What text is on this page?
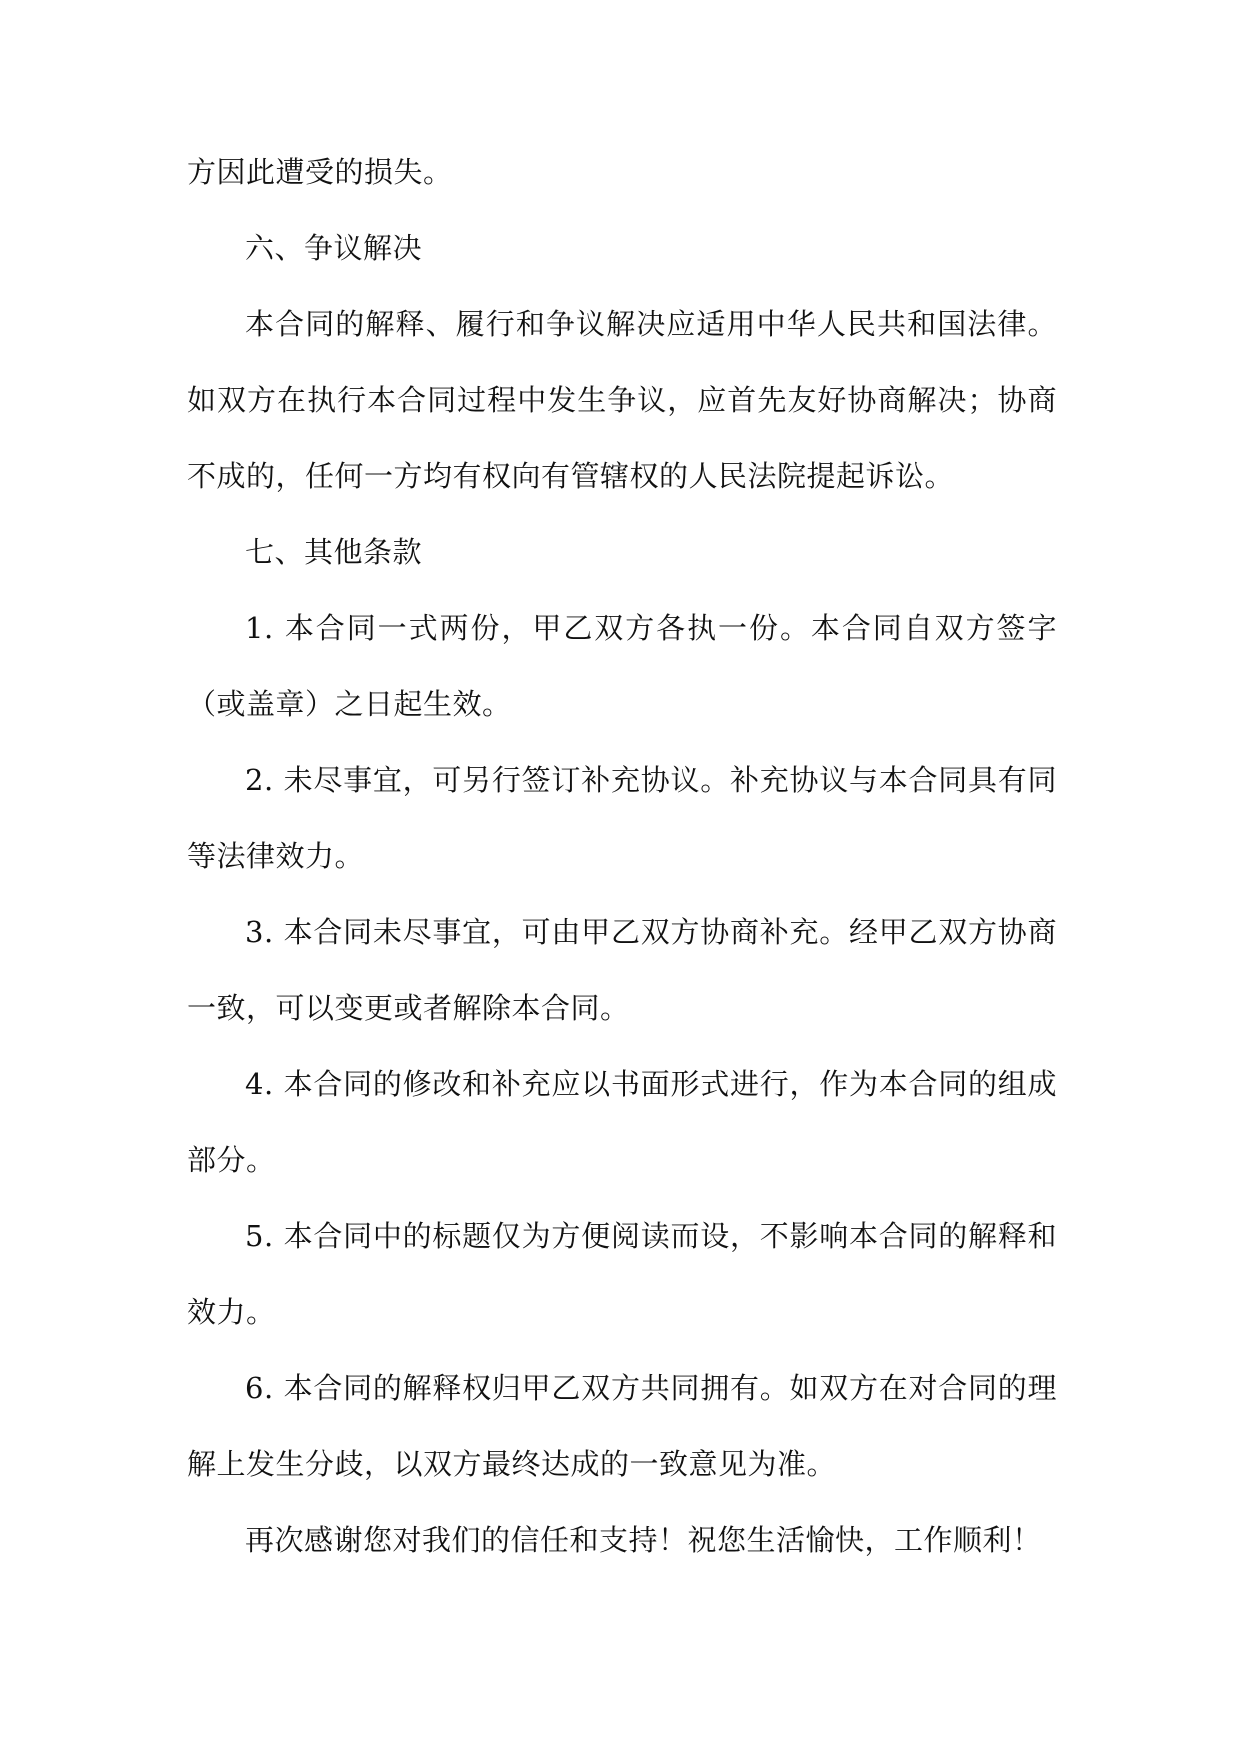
方因此遭受的损失。

六、争议解决

本合同的解释、履行和争议解决应适用中华人民共和国法律。如双方在执行本合同过程中发生争议，应首先友好协商解决；协商不成的，任何一方均有权向有管辖权的人民法院提起诉讼。

七、其他条款

1. 本合同一式两份，甲乙双方各执一份。本合同自双方签字（或盖章）之日起生效。

2. 未尽事宜，可另行签订补充协议。补充协议与本合同具有同等法律效力。

3. 本合同未尽事宜，可由甲乙双方协商补充。经甲乙双方协商一致，可以变更或者解除本合同。

4. 本合同的修改和补充应以书面形式进行，作为本合同的组成部分。

5. 本合同中的标题仅为方便阅读而设，不影响本合同的解释和效力。

6. 本合同的解释权归甲乙双方共同拥有。如双方在对合同的理解上发生分歧，以双方最终达成的一致意见为准。

再次感谢您对我们的信任和支持！祝您生活愉快，工作顺利！
